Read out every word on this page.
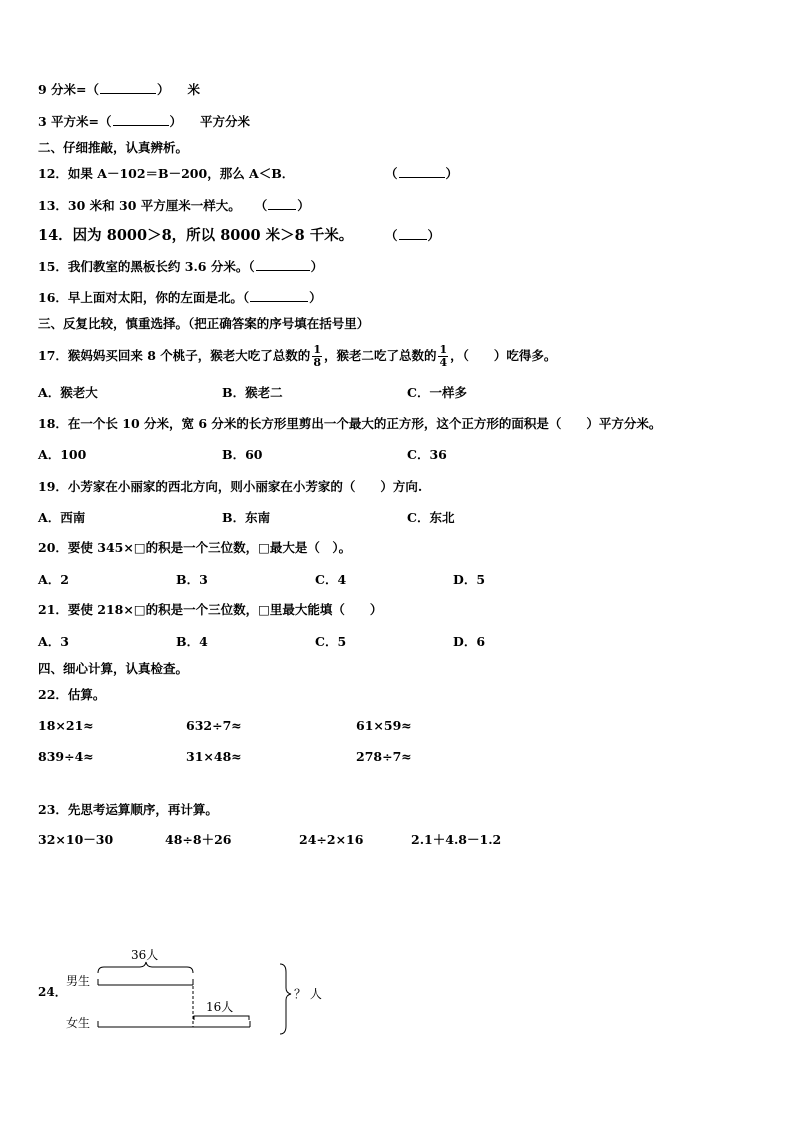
9 分米=（	） 米
3 平方米=（	） 平方分米
二、仔细推敲，认真辨析。
12．如果 A－102＝B－200，那么 A＜B．	（	）
13．30 米和 30 平方厘米一样大。 （ ）
14．因为 8000＞8，所以 8000 米＞8 千米。	（ ）
15．我们教室的黑板长约 3.6 分米。（	）
16．早上面对太阳，你的左面是北。（	）
三、反复比较，慎重选择。（把正确答案的序号填在括号里）
17．猴妈妈买回来 8 个桃子，猴老大吃了总数的 $\frac{1}{8}$ ，猴老二吃了总数的 $\frac{1}{4}$ ，（　　）吃得多。
A．猴老大	B．猴老二	C．一样多
18．在一个长 10 分米，宽 6 分米的长方形里剪出一个最大的正方形，这个正方形的面积是（　　）平方分米。
A．100	B．60	C．36
19．小芳家在小丽家的西北方向，则小丽家在小芳家的（　　）方向.
A．西南	B．东南	C．东北
20．要使 345×□的积是一个三位数，□最大是（　）。
A．2	B．3	C．4	D．5
21．要使 218×□的积是一个三位数，□里最大能填（　　）
A．3	B．4	C．5	D．6
四、细心计算，认真检查。
22．估算。
18×21≈	632÷7≈	61×59≈
839÷4≈	31×48≈	278÷7≈
23．先思考运算顺序，再计算。
32×10－30	48÷8＋26	24÷2×16	2.1＋4.8－1.2
24．
男生
女生
36人
16人
？ 人
